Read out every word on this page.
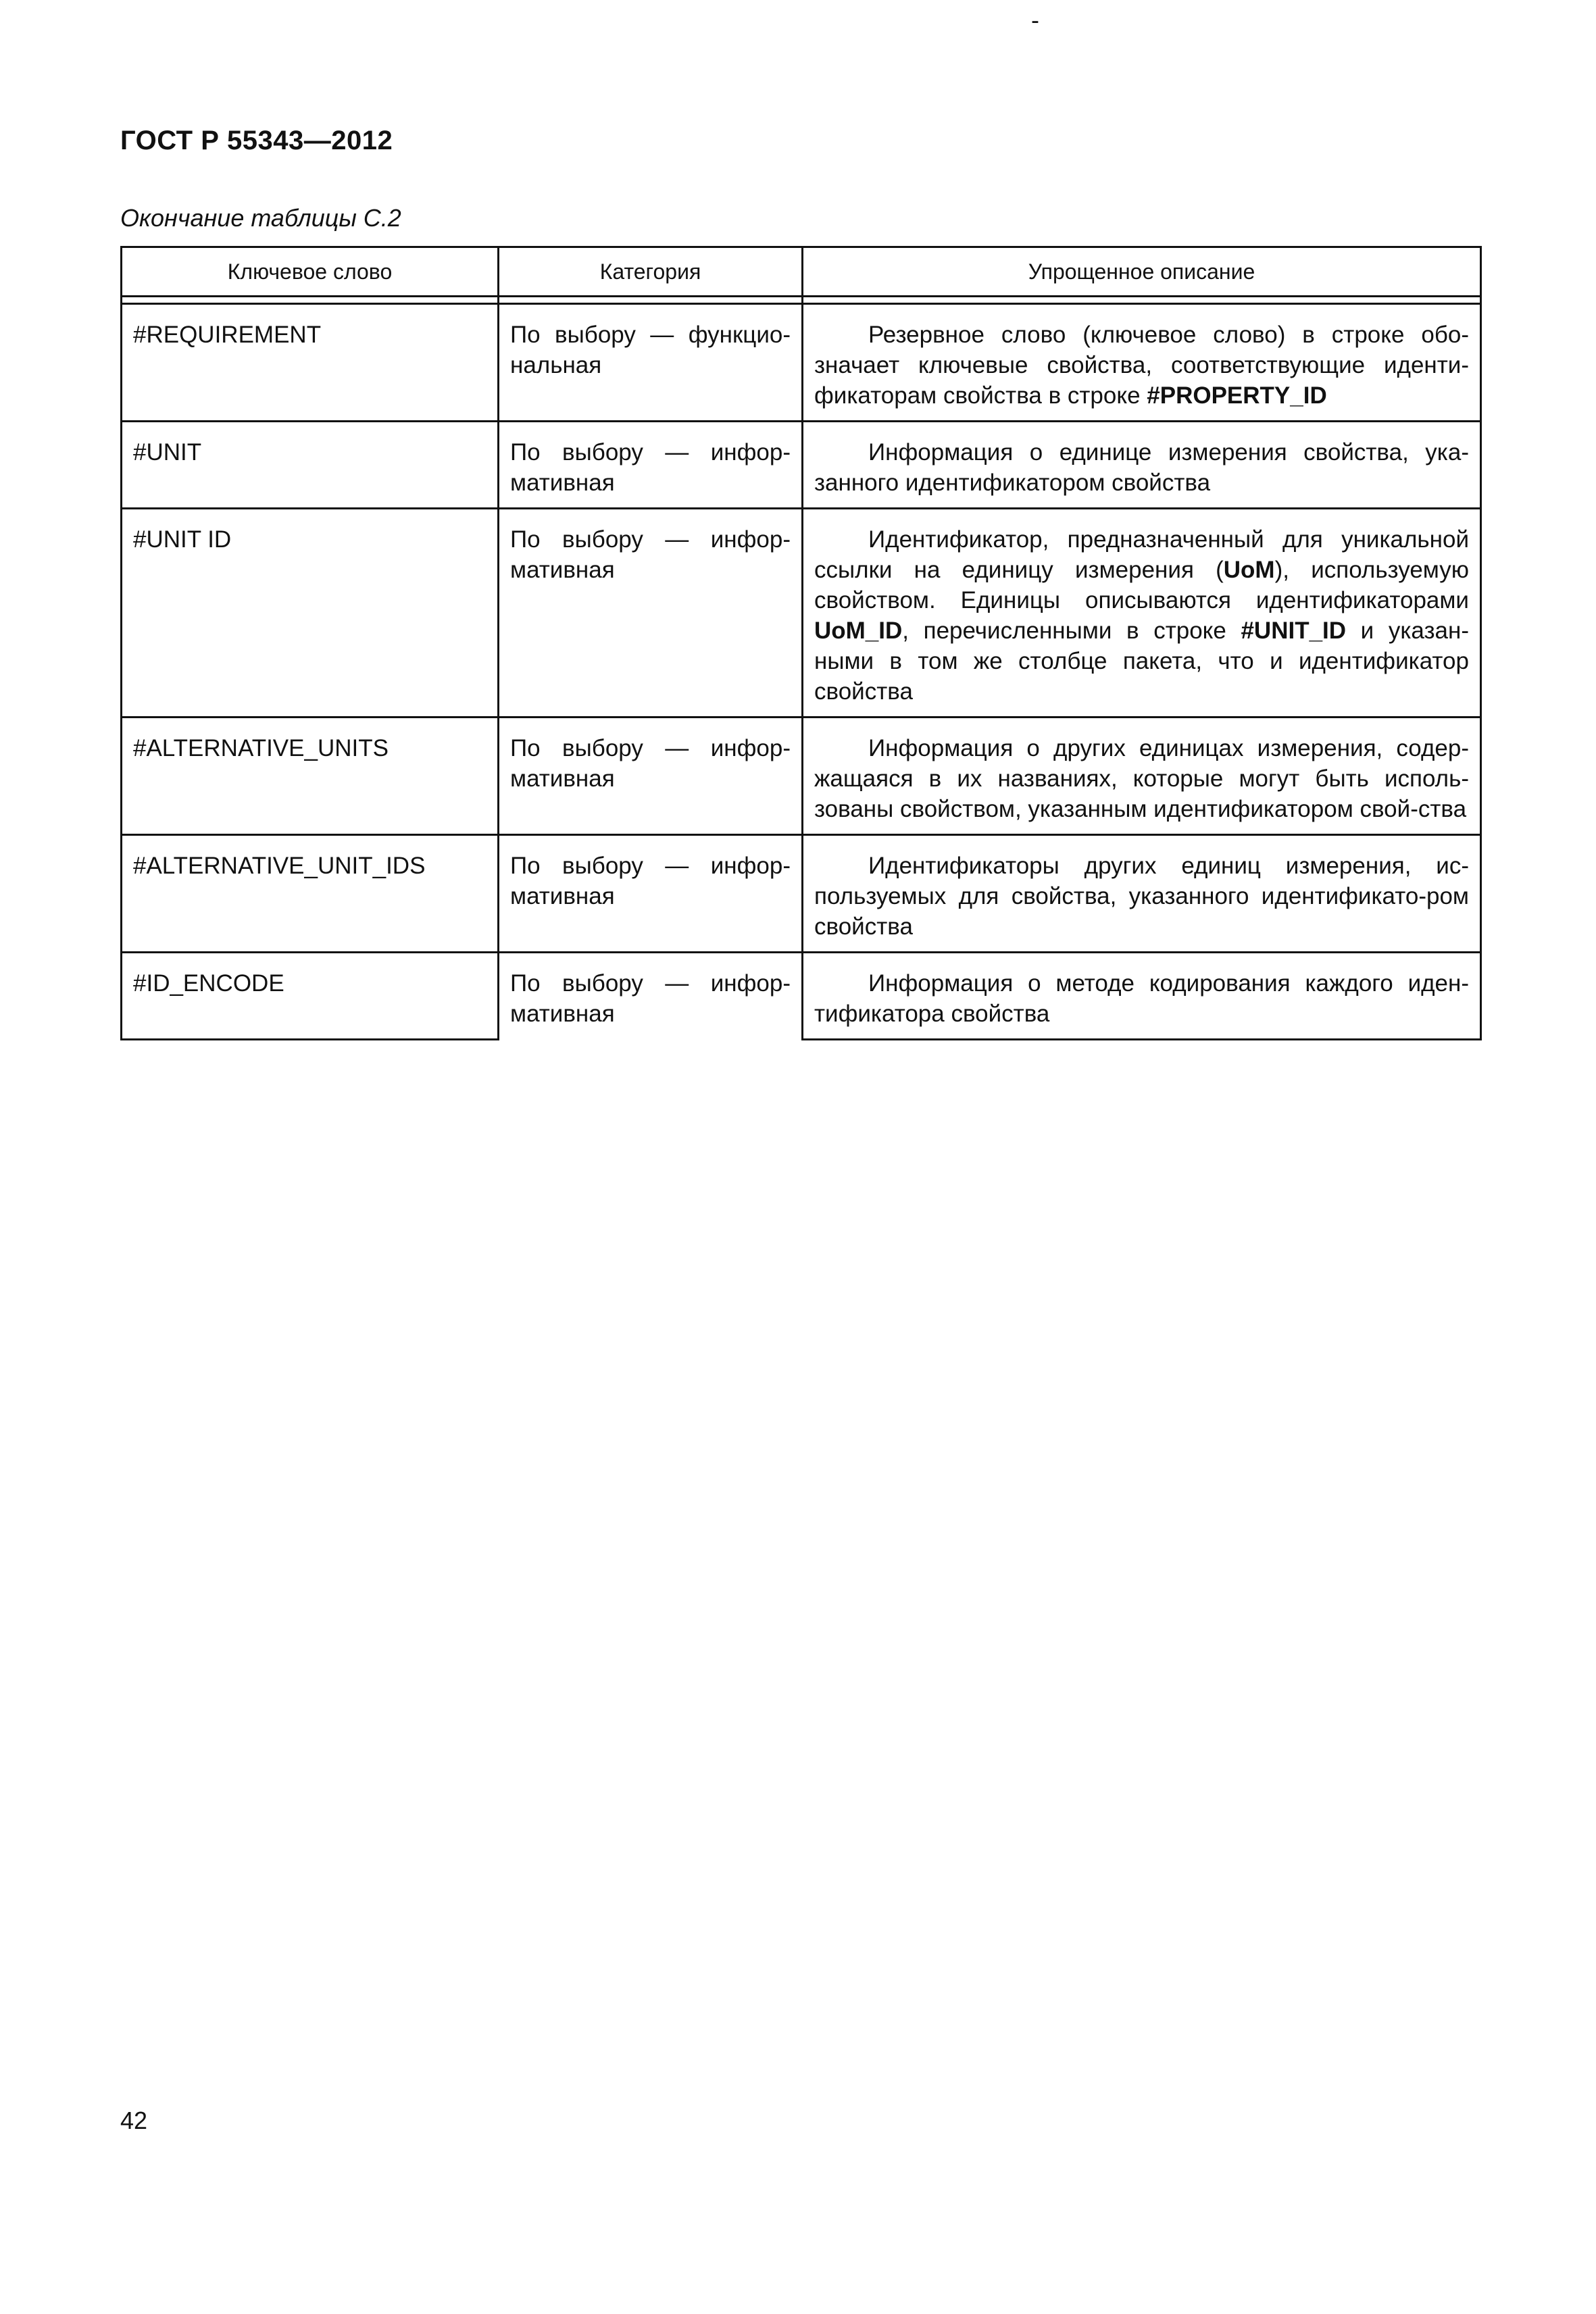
-
ГОСТ Р 55343—2012
Окончание таблицы С.2
Ключевое слово	Категория	Упрощенное описание

#REQUIREMENT	По выбору — функцио-нальная	Резервное слово (ключевое слово) в строке обо-значает ключевые свойства, соответствующие иденти-фикаторам свойства в строке #PROPERTY_ID
#UNIT	По выбору — инфор-мативная	Информация о единице измерения свойства, ука-занного идентификатором свойства
#UNIT ID	По выбору — инфор-мативная	Идентификатор, предназначенный для уникальной ссылки на единицу измерения (UoM), используемую свойством. Единицы описываются идентификаторами UoM_ID, перечисленными в строке #UNIT_ID и указан-ными в том же столбце пакета, что и идентификатор свойства
#ALTERNATIVE_UNITS	По выбору — инфор-мативная	Информация о других единицах измерения, содер-жащаяся в их названиях, которые могут быть исполь-зованы свойством, указанным идентификатором свой-ства
#ALTERNATIVE_UNIT_IDS	По выбору — инфор-мативная	Идентификаторы других единиц измерения, ис-пользуемых для свойства, указанного идентификато-ром свойства
#ID_ENCODE	По выбору — инфор-мативная	Информация о методе кодирования каждого иден-тификатора свойства
42
